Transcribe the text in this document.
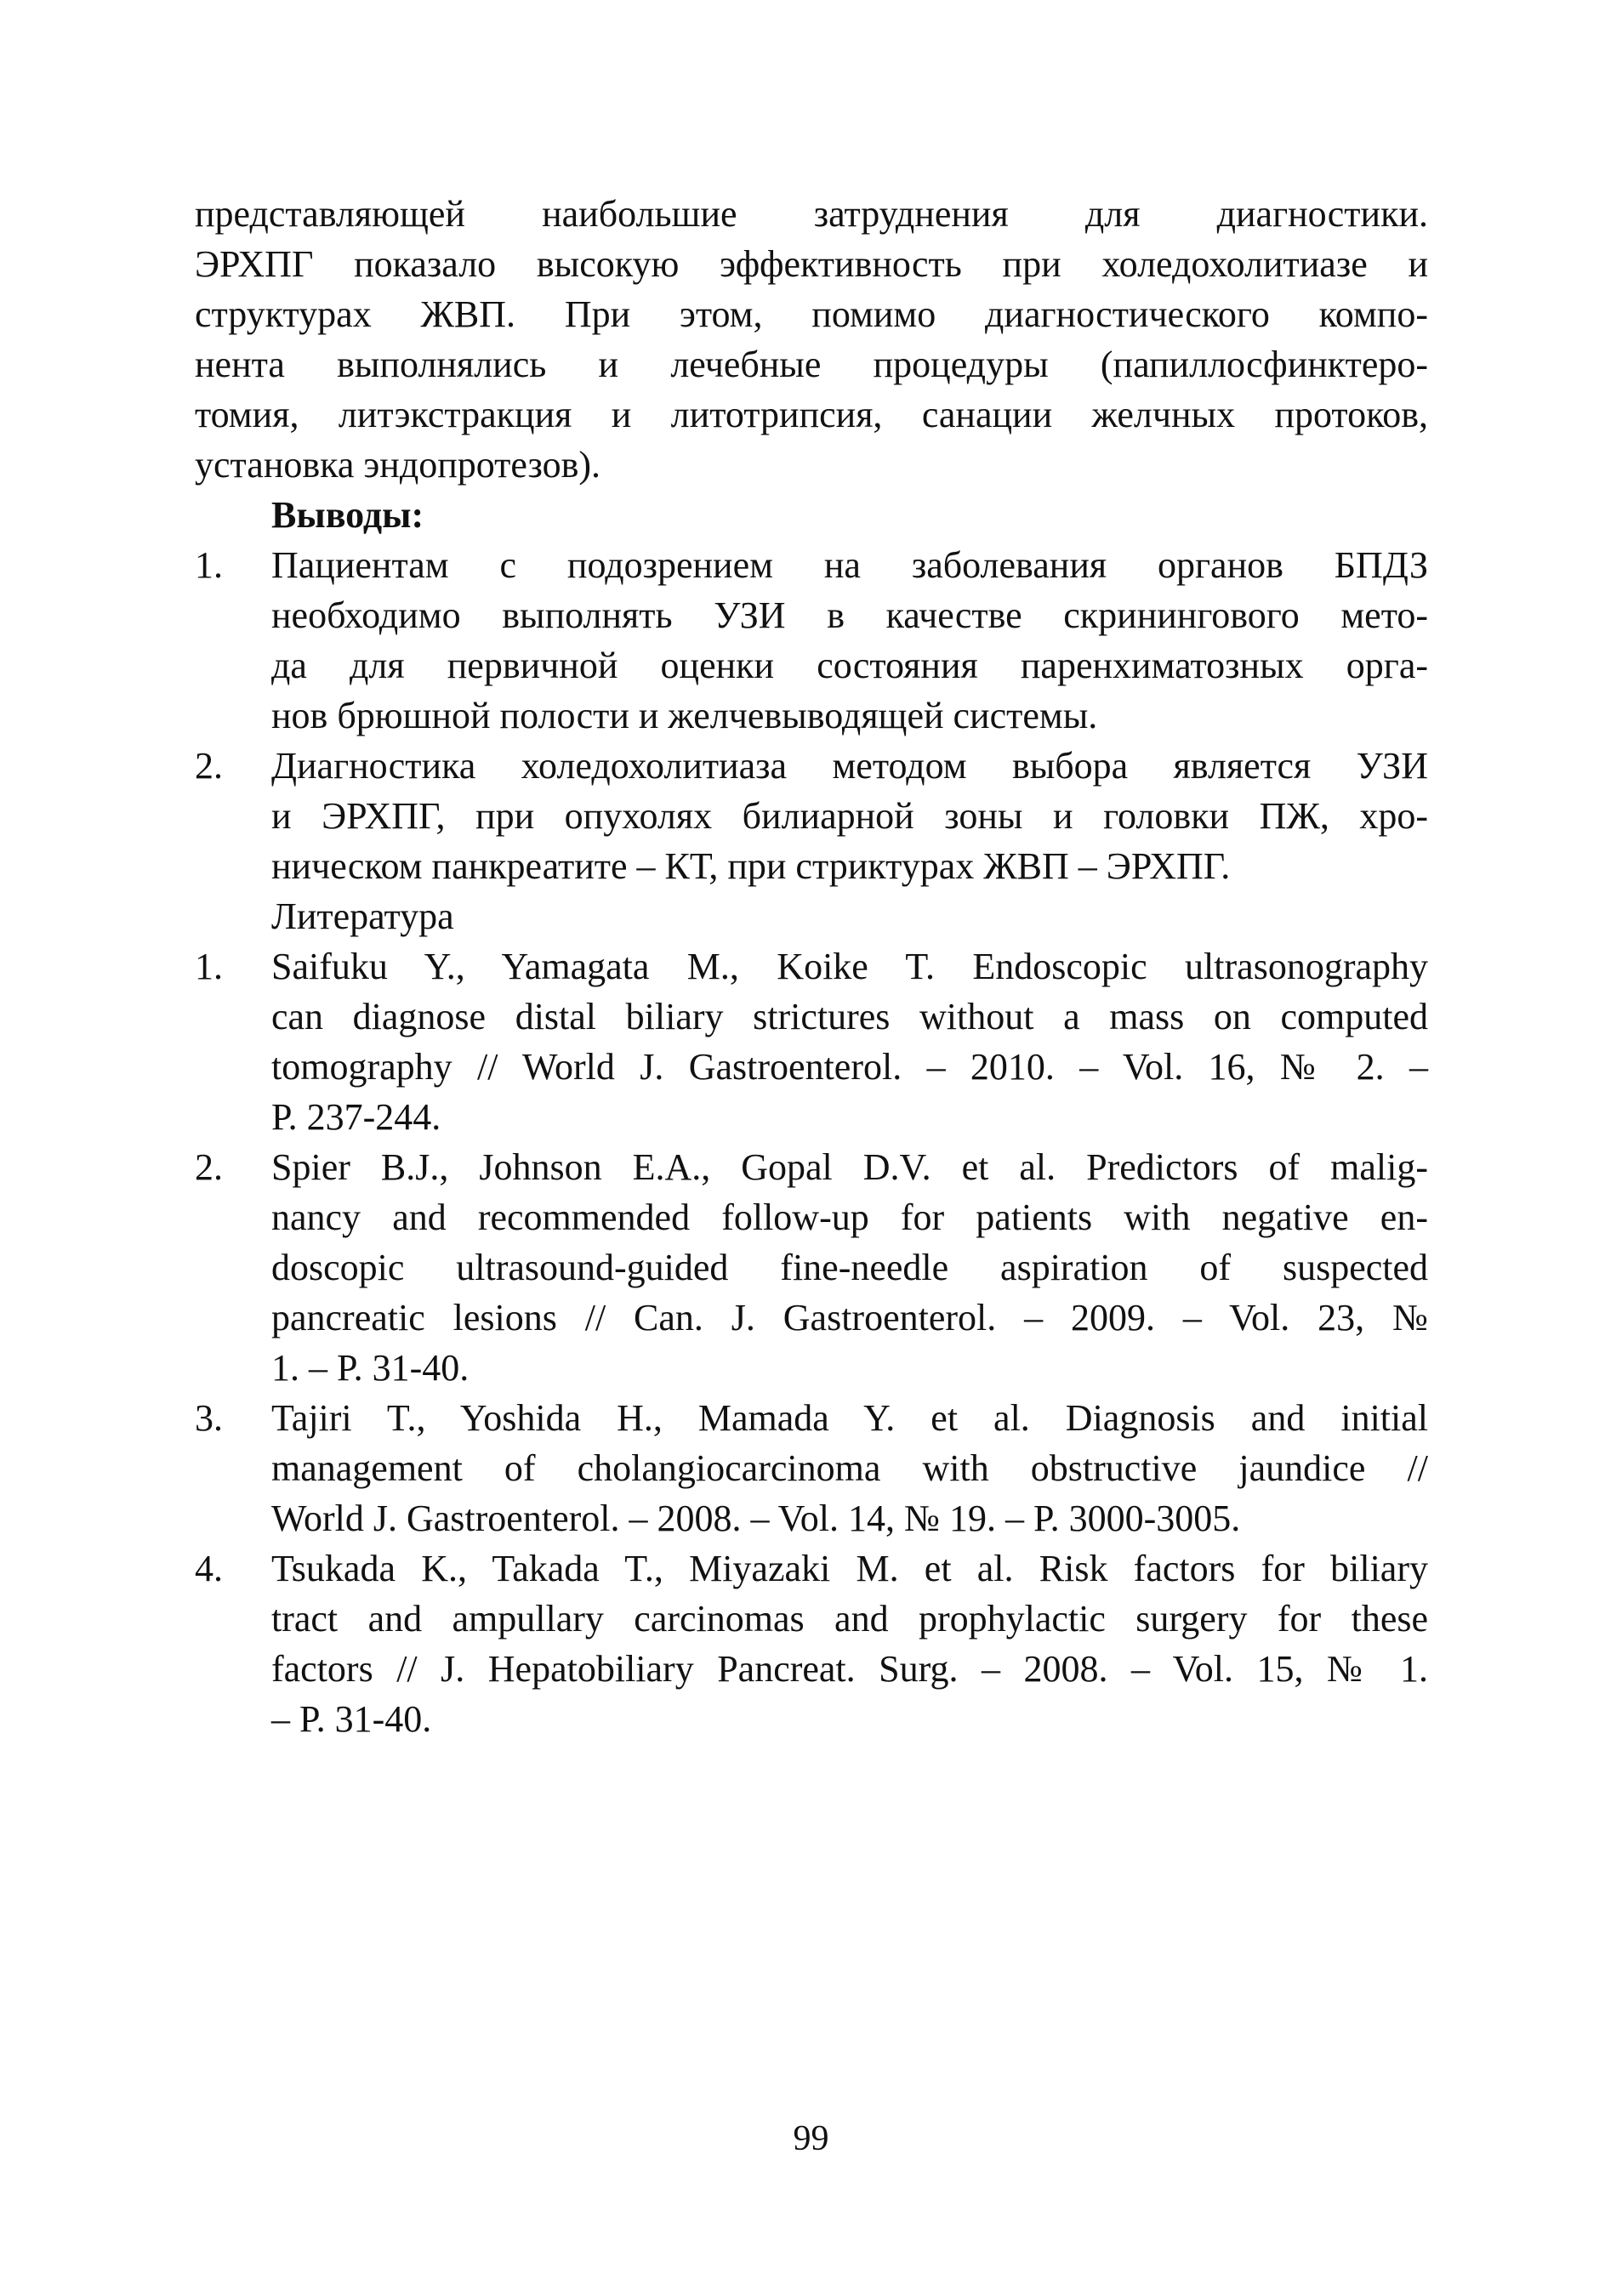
представляющей наибольшие затруднения для диагностики.
ЭРХПГ показало высокую эффективность при холедохолитиазе и
структурах ЖВП. При этом, помимо диагностического компо-
нента выполнялись и лечебные процедуры (папиллосфинктеро-
томия, литэкстракция и литотрипсия, санации желчных протоков,
установка эндопротезов).
Выводы:
1.	Пациентам с подозрением на заболевания органов БПДЗ
необходимо выполнять УЗИ в качестве скринингового мето-
да для первичной оценки состояния паренхиматозных орга-
нов брюшной полости и желчевыводящей системы.
2.	Диагностика холедохолитиаза методом выбора является УЗИ
и ЭРХПГ, при опухолях билиарной зоны и головки ПЖ, хро-
ническом панкреатите – КТ, при стриктурах ЖВП – ЭРХПГ.

Литература

1.	Saifuku Y., Yamagata M., Koike T. Endoscopic ultrasonography
can diagnose distal biliary strictures without a mass on computed
tomography // World J. Gastroenterol. – 2010. – Vol. 16, № 2. –
P. 237-244.
2.	Spier B.J., Johnson E.A., Gopal D.V. et al. Predictors of malig-
nancy and recommended follow-up for patients with negative en-
doscopic ultrasound-guided fine-needle aspiration of suspected
pancreatic lesions // Can. J. Gastroenterol. – 2009. – Vol. 23, №
1. – P. 31-40.
3.	Tajiri T., Yoshida H., Mamada Y. et al. Diagnosis and initial
management of cholangiocarcinoma with obstructive jaundice //
World J. Gastroenterol. – 2008. – Vol. 14, № 19. – P. 3000-3005.
4.	Tsukada K., Takada T., Miyazaki M. et al. Risk factors for biliary
tract and ampullary carcinomas and prophylactic surgery for these
factors // J. Hepatobiliary Pancreat. Surg. – 2008. – Vol. 15, № 1.
– P. 31-40.
99
